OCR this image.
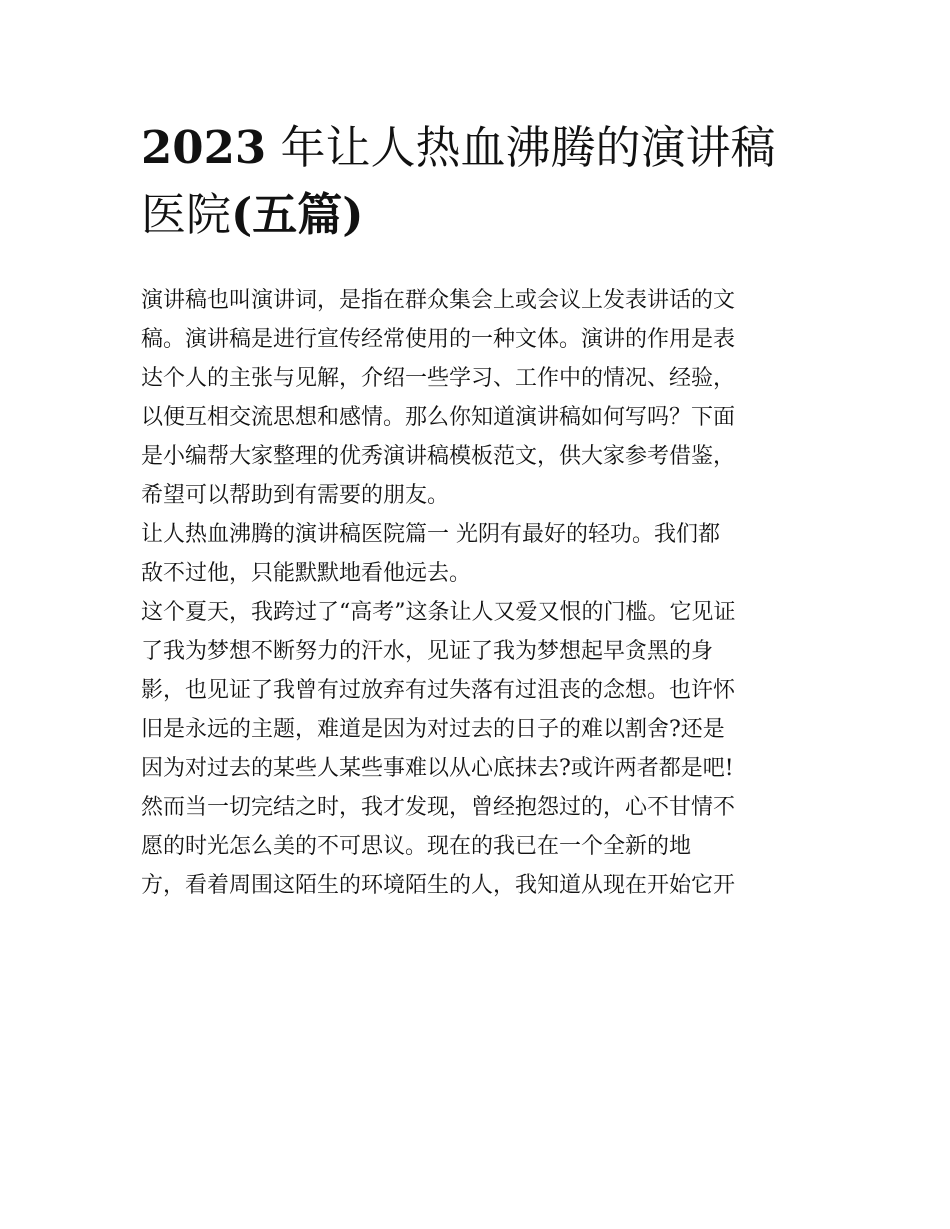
2023 年让人热血沸腾的演讲稿
医院(五篇)
演讲稿也叫演讲词，是指在群众集会上或会议上发表讲话的文
稿。演讲稿是进行宣传经常使用的一种文体。演讲的作用是表
达个人的主张与见解，介绍一些学习、工作中的情况、经验，
以便互相交流思想和感情。那么你知道演讲稿如何写吗？下面
是小编帮大家整理的优秀演讲稿模板范文，供大家参考借鉴，
希望可以帮助到有需要的朋友。
让人热血沸腾的演讲稿医院篇一 光阴有最好的轻功。我们都
敌不过他，只能默默地看他远去。
这个夏天，我跨过了“高考”这条让人又爱又恨的门槛。它见证
了我为梦想不断努力的汗水，见证了我为梦想起早贪黑的身
影，也见证了我曾有过放弃有过失落有过沮丧的念想。也许怀
旧是永远的主题，难道是因为对过去的日子的难以割舍?还是
因为对过去的某些人某些事难以从心底抹去?或许两者都是吧!
然而当一切完结之时，我才发现，曾经抱怨过的，心不甘情不
愿的时光怎么美的不可思议。现在的我已在一个全新的地
方，看着周围这陌生的环境陌生的人，我知道从现在开始它开
